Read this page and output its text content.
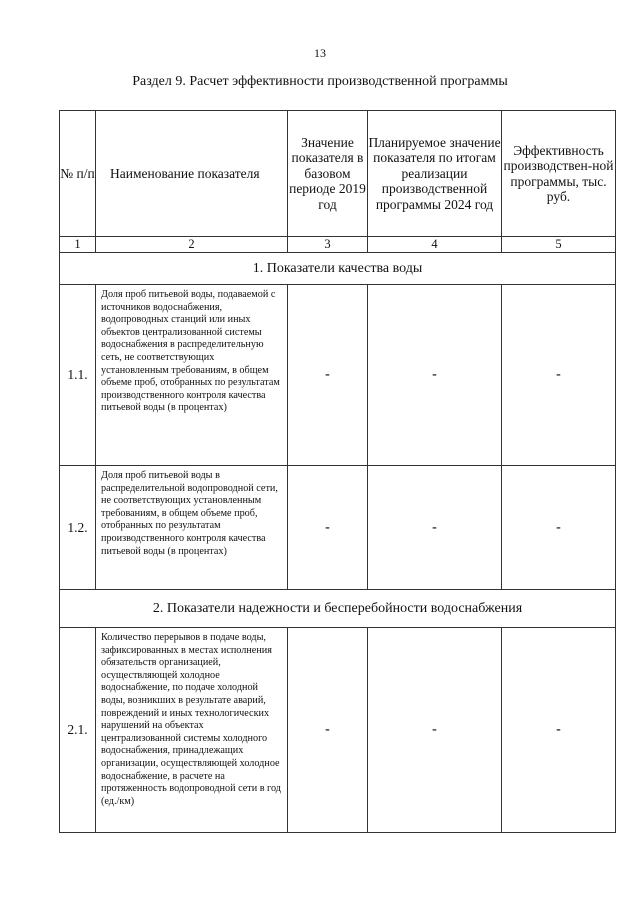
13
Раздел 9. Расчет эффективности производственной программы
№ п/п	Наименование показателя	Значение показателя в базовом периоде 2019 год	Планируемое значение показателя по итогам реализации производственной программы 2024 год	Эффективность производствен-ной программы, тыс. руб.
1	2	3	4	5
1. Показатели качества воды				
1.1.	Доля проб питьевой воды, подаваемой с источников водоснабжения, водопроводных станций или иных объектов централизованной системы водоснабжения в распределительную сеть, не соответствующих установленным требованиям, в общем объеме проб, отобранных по результатам производственного контроля качества питьевой воды (в процентах)	-	-	-
1.2.	Доля проб питьевой воды в распределительной водопроводной сети, не соответствующих установленным требованиям, в общем объеме проб, отобранных по результатам производственного контроля качества питьевой воды (в процентах)	-	-	-
2. Показатели надежности и бесперебойности водоснабжения				
2.1.	Количество перерывов в подаче воды, зафиксированных в местах исполнения обязательств организацией, осуществляющей холодное водоснабжение, по подаче холодной воды, возникших в результате аварий, повреждений и иных технологических нарушений на объектах централизованной системы холодного водоснабжения, принадлежащих организации, осуществляющей холодное водоснабжение, в расчете на протяженность водопроводной сети в год (ед./км)	-	-	-
